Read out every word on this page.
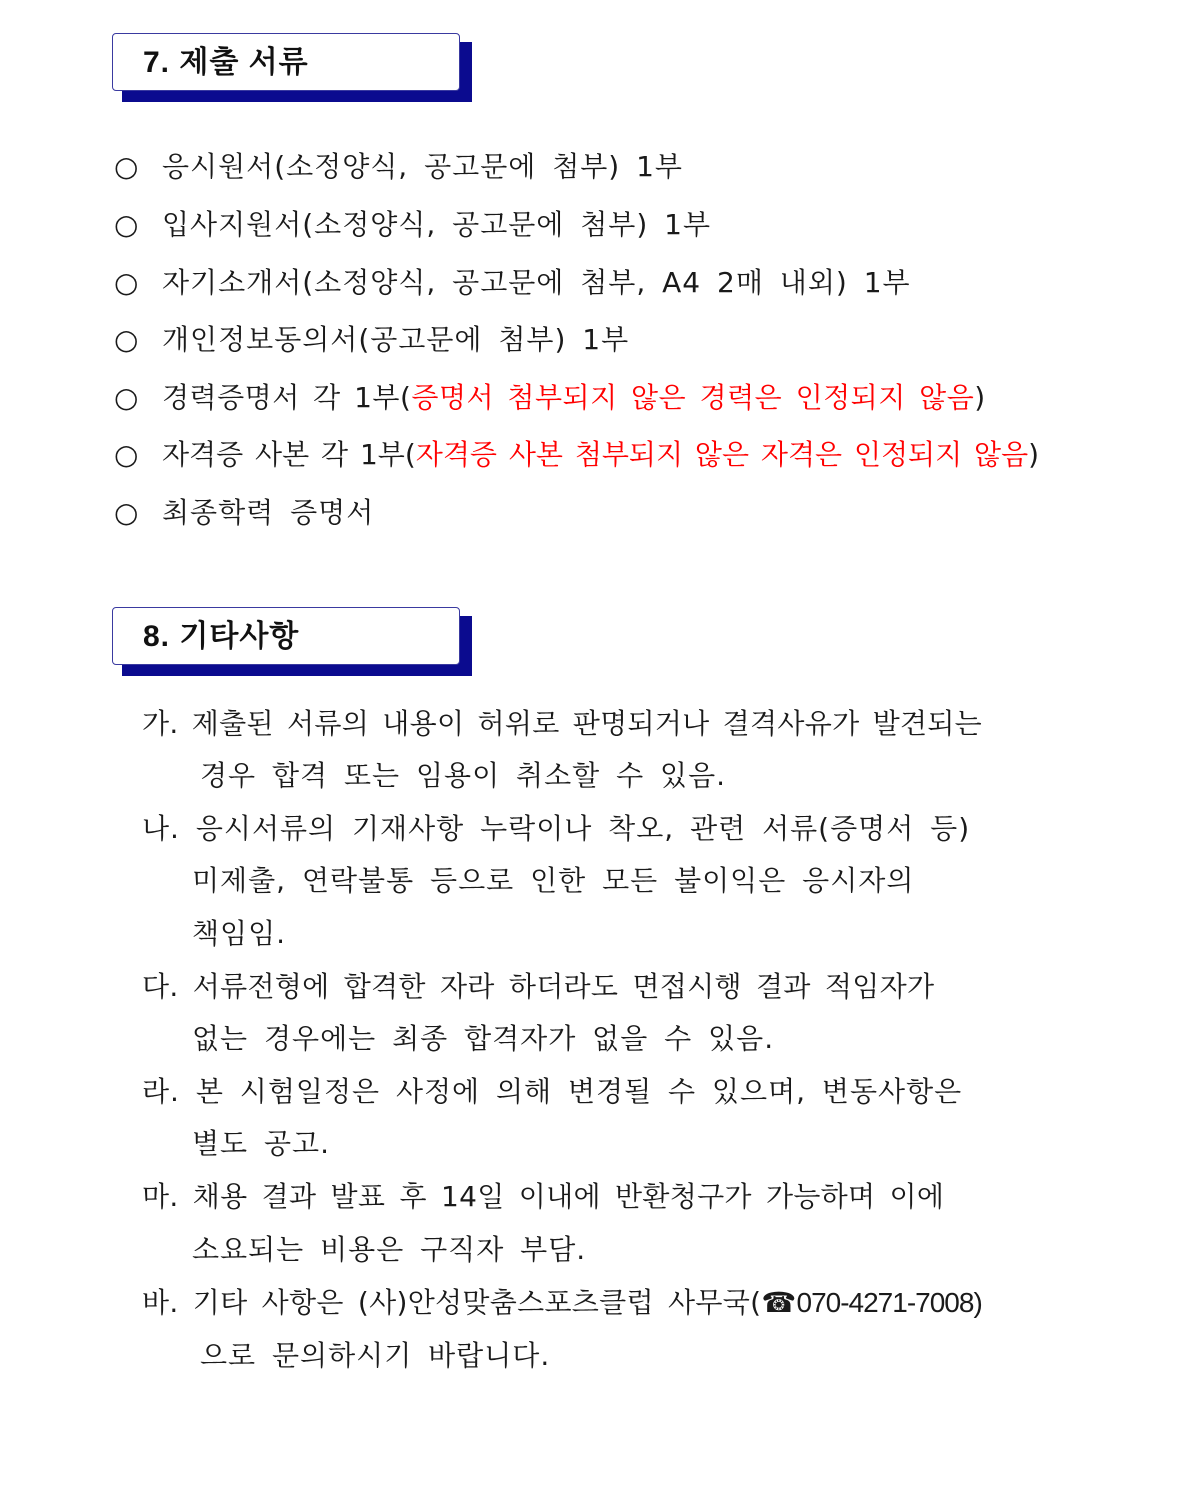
7. 제출 서류
○ 응시원서(소정양식, 공고문에 첨부) 1부
○ 입사지원서(소정양식, 공고문에 첨부) 1부
○ 자기소개서(소정양식, 공고문에 첨부, A4 2매 내외) 1부
○ 개인정보동의서(공고문에 첨부) 1부
○ 경력증명서 각 1부(증명서 첨부되지 않은 경력은 인정되지 않음)
○ 자격증 사본 각 1부(자격증 사본 첨부되지 않은 자격은 인정되지 않음)
○ 최종학력 증명서
8. 기타사항
가. 제출된 서류의 내용이 허위로 판명되거나 결격사유가 발견되는
경우 합격 또는 임용이 취소할 수 있음.
나. 응시서류의 기재사항 누락이나 착오, 관련 서류(증명서 등)
미제출, 연락불통 등으로 인한 모든 불이익은 응시자의
책임임.
다. 서류전형에 합격한 자라 하더라도 면접시행 결과 적임자가
없는 경우에는 최종 합격자가 없을 수 있음.
라. 본 시험일정은 사정에 의해 변경될 수 있으며, 변동사항은
별도 공고.
마. 채용 결과 발표 후 14일 이내에 반환청구가 가능하며 이에
소요되는 비용은 구직자 부담.
바. 기타 사항은 (사)안성맞춤스포츠클럽 사무국(☎070-4271-7008)
으로 문의하시기 바랍니다.
